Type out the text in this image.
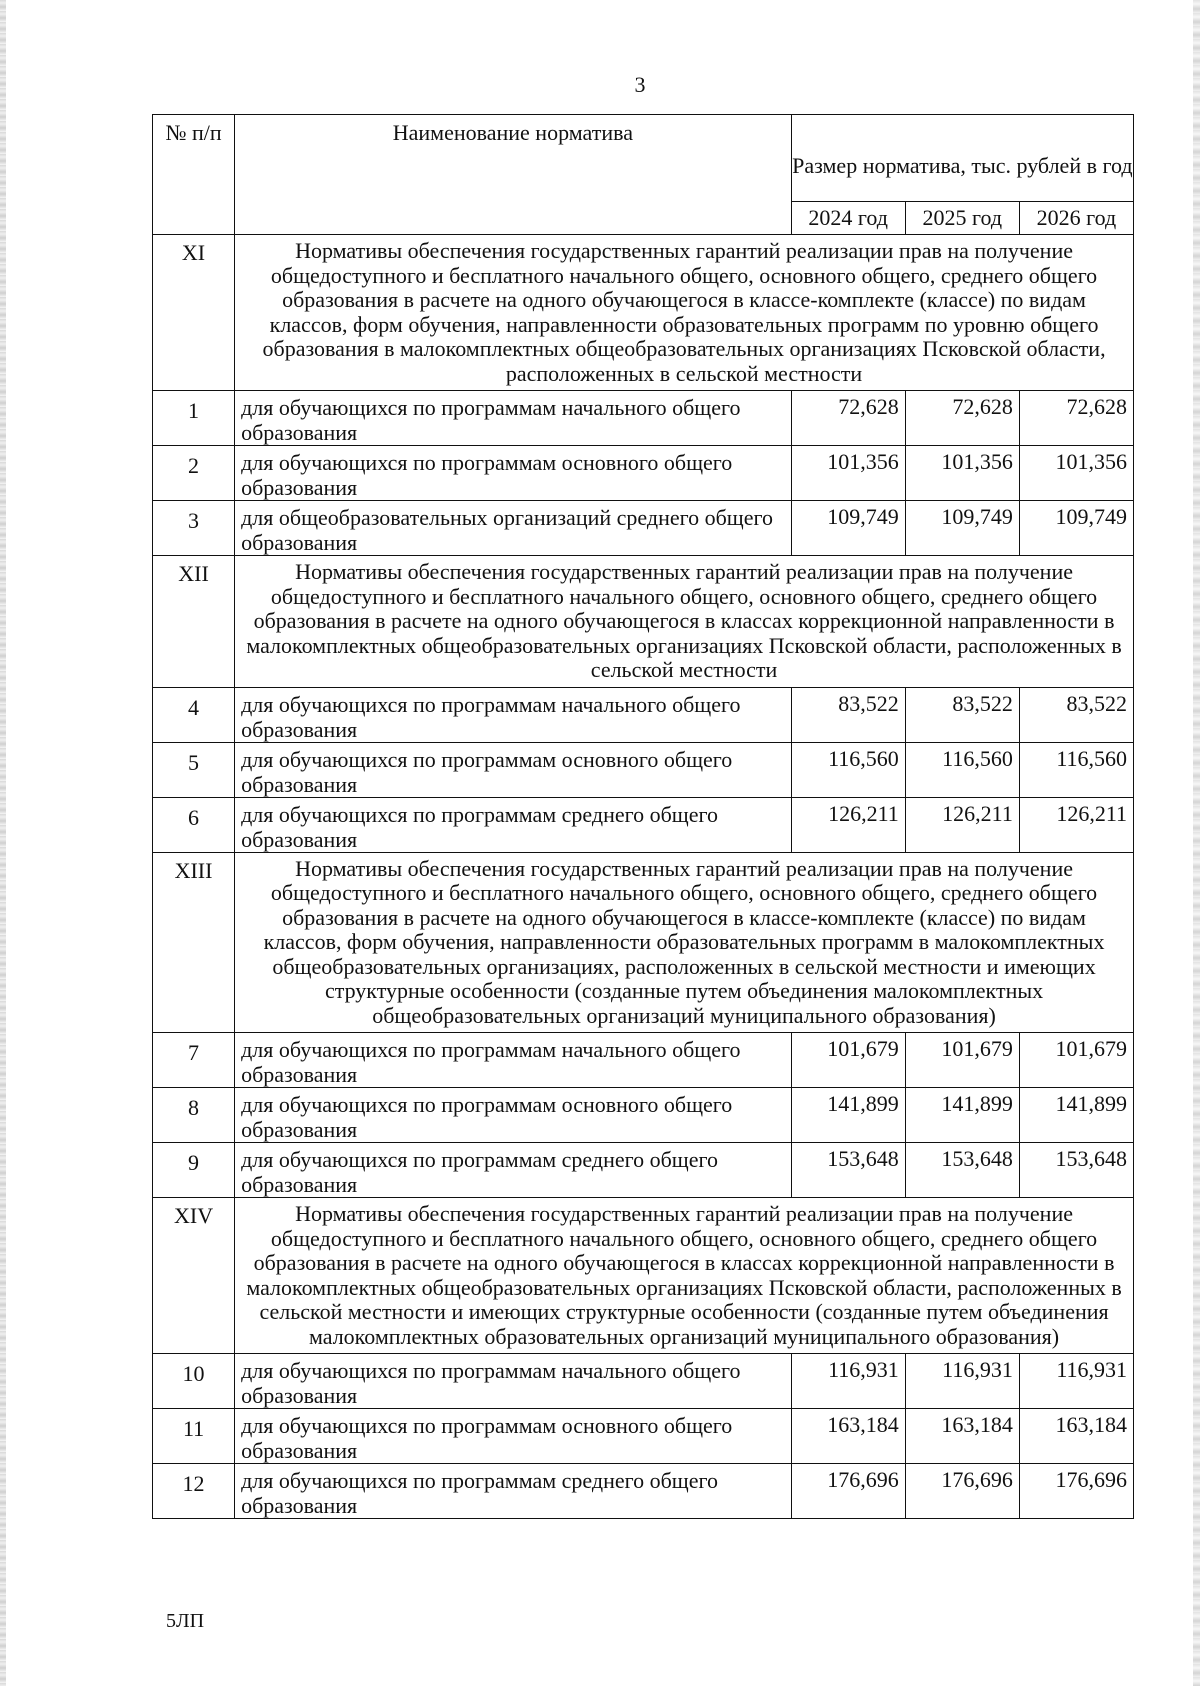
3
№ п/п	Наименование норматива	Размер норматива, тыс. рублей в год		
		2024 год	2025 год	2026 год
XI	Нормативы обеспечения государственных гарантий реализации прав на получение общедоступного и бесплатного начального общего, основного общего, среднего общего образования в расчете на одного обучающегося в классе-комплекте (классе) по видам классов, форм обучения, направленности образовательных программ по уровню общего образования в малокомплектных общеобразовательных организациях Псковской области, расположенных в сельской местности			
1	для обучающихся по программам начального общего образования	72,628	72,628	72,628
2	для обучающихся по программам основного общего образования	101,356	101,356	101,356
3	для общеобразовательных организаций среднего общего образования	109,749	109,749	109,749
XII	Нормативы обеспечения государственных гарантий реализации прав на получение общедоступного и бесплатного начального общего, основного общего, среднего общего образования в расчете на одного обучающегося в классах коррекционной направленности в малокомплектных общеобразовательных организациях Псковской области, расположенных в сельской местности			
4	для обучающихся по программам начального общего образования	83,522	83,522	83,522
5	для обучающихся по программам основного общего образования	116,560	116,560	116,560
6	для обучающихся по программам среднего общего образования	126,211	126,211	126,211
XIII	Нормативы обеспечения государственных гарантий реализации прав на получение общедоступного и бесплатного начального общего, основного общего, среднего общего образования в расчете на одного обучающегося в классе-комплекте (классе) по видам классов, форм обучения, направленности образовательных программ в малокомплектных общеобразовательных организациях, расположенных в сельской местности и имеющих структурные особенности (созданные путем объединения малокомплектных общеобразовательных организаций муниципального образования)			
7	для обучающихся по программам начального общего образования	101,679	101,679	101,679
8	для обучающихся по программам основного общего образования	141,899	141,899	141,899
9	для обучающихся по программам среднего общего образования	153,648	153,648	153,648
XIV	Нормативы обеспечения государственных гарантий реализации прав на получение общедоступного и бесплатного начального общего, основного общего, среднего общего образования в расчете на одного обучающегося в классах коррекционной направленности в малокомплектных общеобразовательных организациях Псковской области, расположенных в сельской местности и имеющих структурные особенности (созданные путем объединения малокомплектных образовательных организаций муниципального образования)			
10	для обучающихся по программам начального общего образования	116,931	116,931	116,931
11	для обучающихся по программам основного общего образования	163,184	163,184	163,184
12	для обучающихся по программам среднего общего образования	176,696	176,696	176,696
5ЛП
